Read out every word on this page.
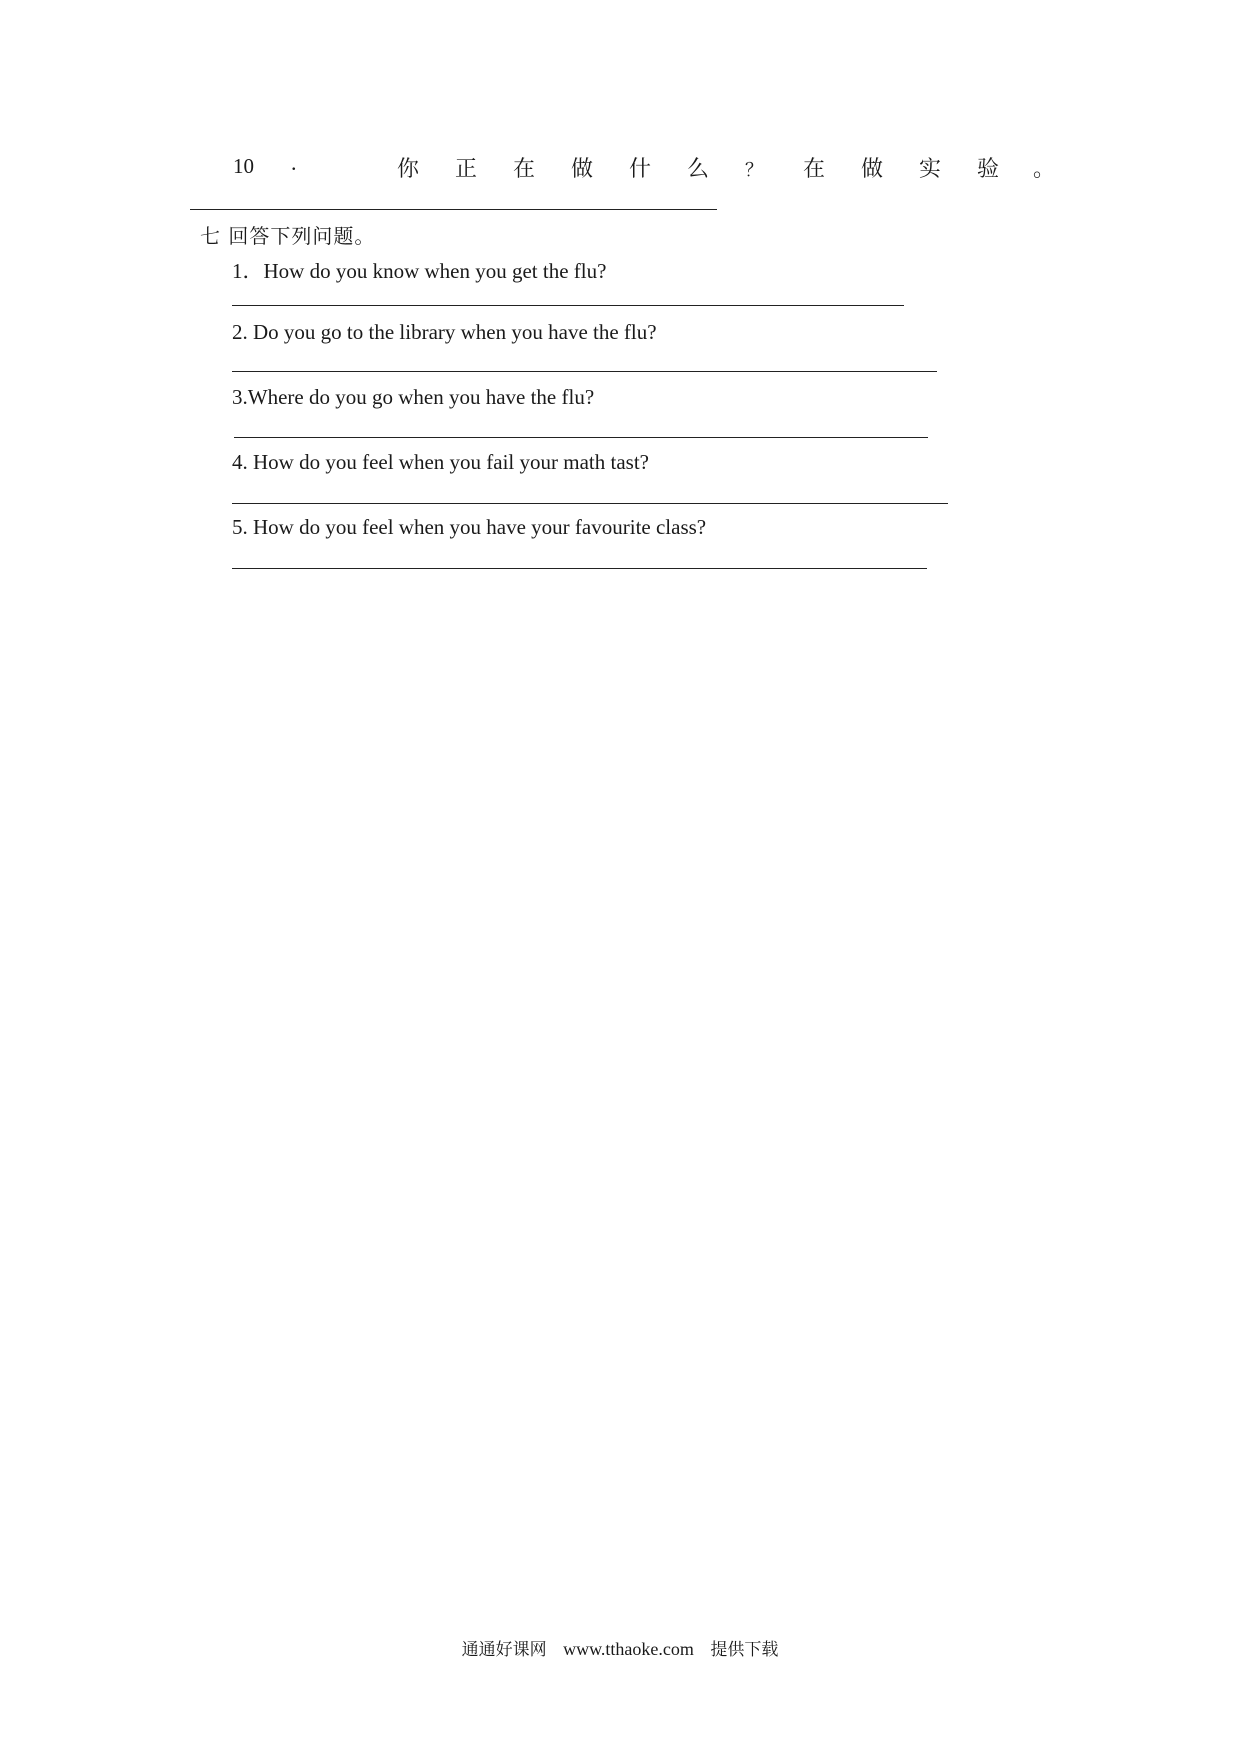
10 .	你 正 在 做 什 么 ？ 在 做 实 验 。
七 回答下列问题。
1．How do you know when you get the flu?
2. Do you go to the library when you have the flu?
3.Where do you go when you have the flu?
4. How do you feel when you fail your math tast?
5. How do you feel when you have your favourite class?
通通好课网 www.tthaoke.com 提供下载
